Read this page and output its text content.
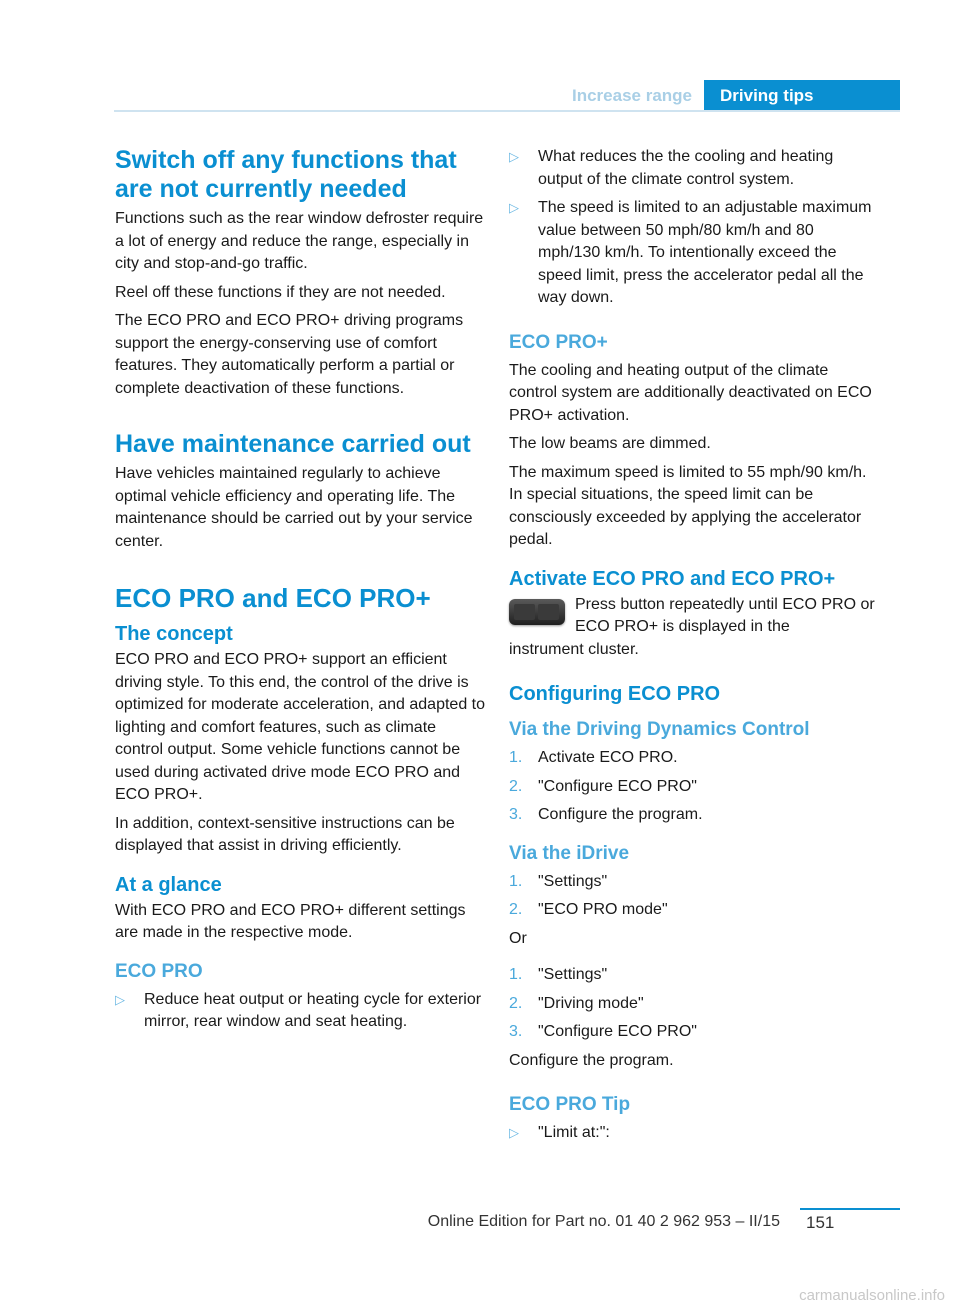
Increase range	Driving tips
Switch off any functions that are not currently needed
Functions such as the rear window defroster require a lot of energy and reduce the range, especially in city and stop-and-go traffic.
Reel off these functions if they are not needed.
The ECO PRO and ECO PRO+ driving programs support the energy-conserving use of comfort features. They automatically perform a partial or complete deactivation of these functions.
Have maintenance carried out
Have vehicles maintained regularly to achieve optimal vehicle efficiency and operating life. The maintenance should be carried out by your service center.
ECO PRO and ECO PRO+
The concept
ECO PRO and ECO PRO+ support an efficient driving style. To this end, the control of the drive is optimized for moderate acceleration, and adapted to lighting and comfort features, such as climate control output. Some vehicle functions cannot be used during activated drive mode ECO PRO and ECO PRO+.
In addition, context-sensitive instructions can be displayed that assist in driving efficiently.
At a glance
With ECO PRO and ECO PRO+ different settings are made in the respective mode.
ECO PRO
▷ Reduce heat output or heating cycle for exterior mirror, rear window and seat heating.
▷ What reduces the the cooling and heating output of the climate control system.
▷ The speed is limited to an adjustable maximum value between 50 mph/80 km/h and 80 mph/130 km/h. To intentionally exceed the speed limit, press the accelerator pedal all the way down.
ECO PRO+
The cooling and heating output of the climate control system are additionally deactivated on ECO PRO+ activation.
The low beams are dimmed.
The maximum speed is limited to 55 mph/90 km/h. In special situations, the speed limit can be consciously exceeded by applying the accelerator pedal.
Activate ECO PRO and ECO PRO+
Press button repeatedly until ECO PRO or ECO PRO+ is displayed in the
instrument cluster.
Configuring ECO PRO
Via the Driving Dynamics Control
1. Activate ECO PRO.
2. "Configure ECO PRO"
3. Configure the program.
Via the iDrive
1. "Settings"
2. "ECO PRO mode"
Or
1. "Settings"
2. "Driving mode"
3. "Configure ECO PRO"
Configure the program.
ECO PRO Tip
▷ "Limit at:":
Online Edition for Part no. 01 40 2 962 953 – II/15 151
carmanualsonline.info
